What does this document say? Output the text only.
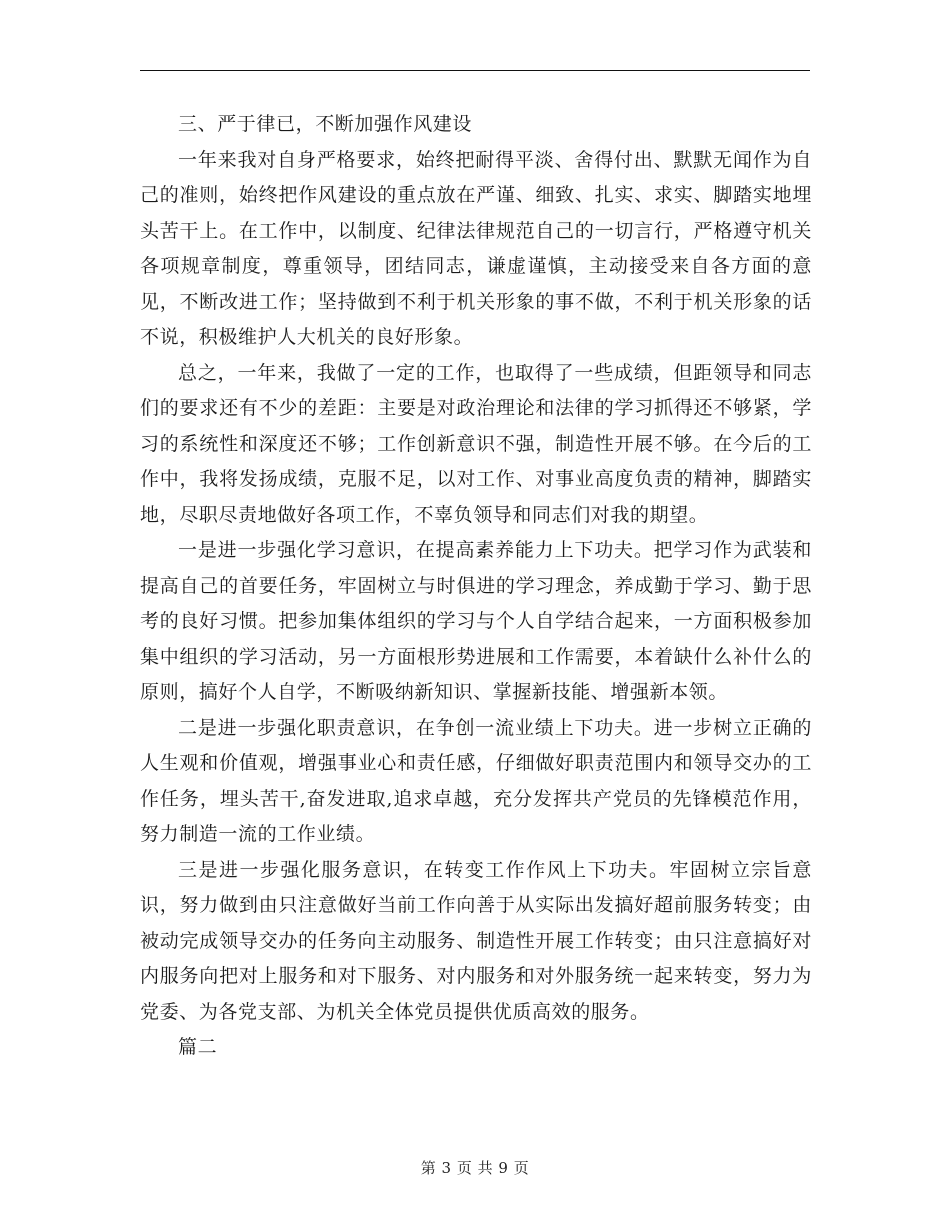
三、严于律已，不断加强作风建设

一年来我对自身严格要求，始终把耐得平淡、舍得付出、默默无闻作为自己的准则，始终把作风建设的重点放在严谨、细致、扎实、求实、脚踏实地埋头苦干上。在工作中，以制度、纪律法律规范自己的一切言行，严格遵守机关各项规章制度，尊重领导，团结同志，谦虚谨慎，主动接受来自各方面的意见，不断改进工作；坚持做到不利于机关形象的事不做，不利于机关形象的话不说，积极维护人大机关的良好形象。

总之，一年来，我做了一定的工作，也取得了一些成绩，但距领导和同志们的要求还有不少的差距：主要是对政治理论和法律的学习抓得还不够紧，学习的系统性和深度还不够；工作创新意识不强，制造性开展不够。在今后的工作中，我将发扬成绩，克服不足，以对工作、对事业高度负责的精神，脚踏实地，尽职尽责地做好各项工作，不辜负领导和同志们对我的期望。

一是进一步强化学习意识，在提高素养能力上下功夫。把学习作为武装和提高自己的首要任务，牢固树立与时俱进的学习理念，养成勤于学习、勤于思考的良好习惯。把参加集体组织的学习与个人自学结合起来，一方面积极参加集中组织的学习活动，另一方面根形势进展和工作需要，本着缺什么补什么的原则，搞好个人自学，不断吸纳新知识、掌握新技能、增强新本领。

二是进一步强化职责意识，在争创一流业绩上下功夫。进一步树立正确的人生观和价值观，增强事业心和责任感，仔细做好职责范围内和领导交办的工作任务，埋头苦干,奋发进取,追求卓越，充分发挥共产党员的先锋模范作用，努力制造一流的工作业绩。

三是进一步强化服务意识，在转变工作作风上下功夫。牢固树立宗旨意识，努力做到由只注意做好当前工作向善于从实际出发搞好超前服务转变；由被动完成领导交办的任务向主动服务、制造性开展工作转变；由只注意搞好对内服务向把对上服务和对下服务、对内服务和对外服务统一起来转变，努力为党委、为各党支部、为机关全体党员提供优质高效的服务。

篇二

第 3 页 共 9 页
